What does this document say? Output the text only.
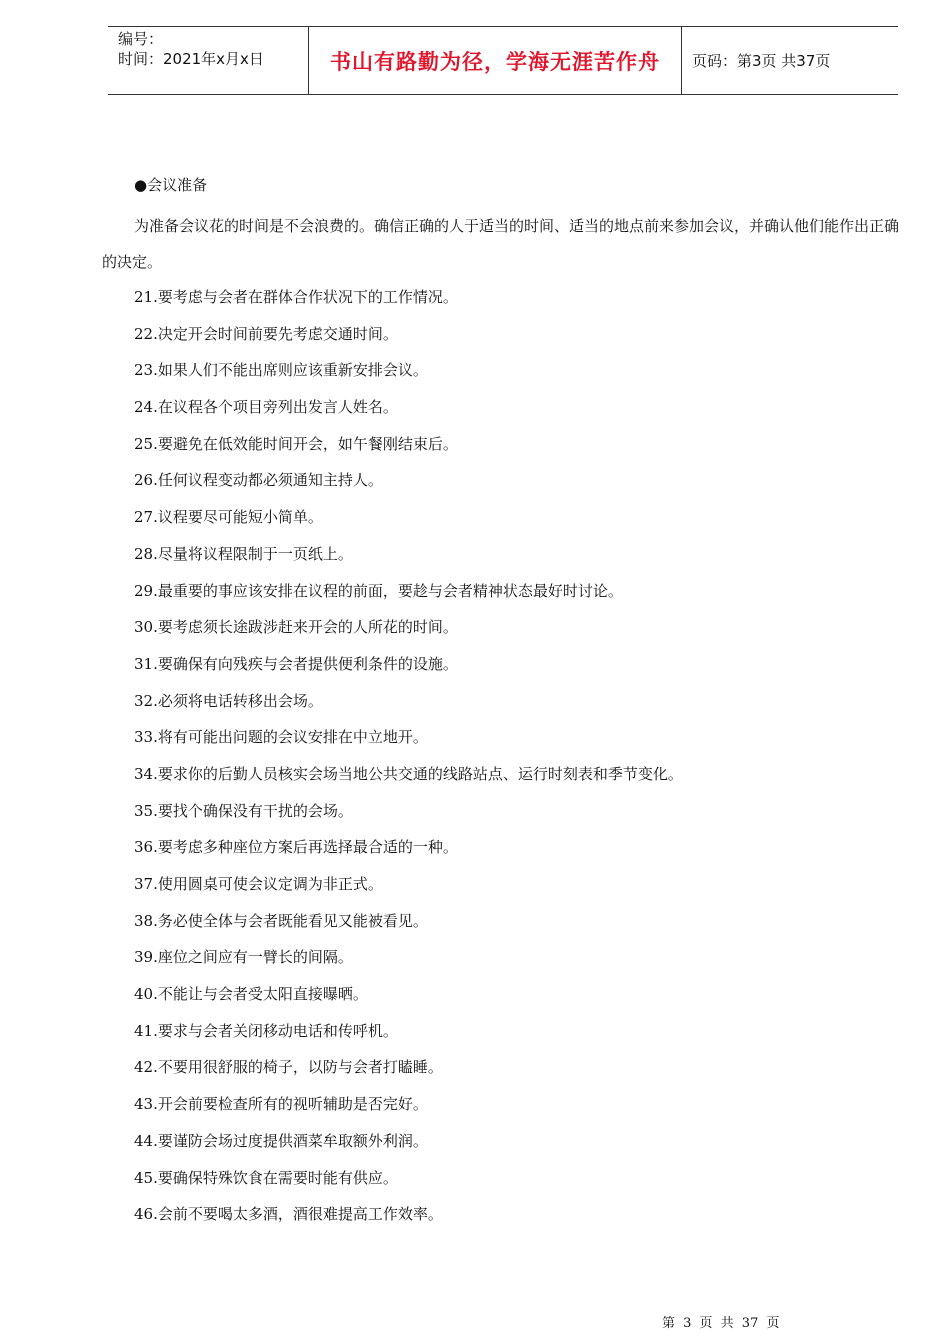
编号：
时间：2021年x月x日	书山有路勤为径，学海无涯苦作舟 页码：第3页 共37页
●会议准备
为准备会议花的时间是不会浪费的。确信正确的人于适当的时间、适当的地点前来参加会议，并确认他们能作出正确的决定。
21.要考虑与会者在群体合作状况下的工作情况。
22.决定开会时间前要先考虑交通时间。
23.如果人们不能出席则应该重新安排会议。
24.在议程各个项目旁列出发言人姓名。
25.要避免在低效能时间开会，如午餐刚结束后。
26.任何议程变动都必须通知主持人。
27.议程要尽可能短小简单。
28.尽量将议程限制于一页纸上。
29.最重要的事应该安排在议程的前面，要趁与会者精神状态最好时讨论。
30.要考虑须长途跋涉赶来开会的人所花的时间。
31.要确保有向残疾与会者提供便利条件的设施。
32.必须将电话转移出会场。
33.将有可能出问题的会议安排在中立地开。
34.要求你的后勤人员核实会场当地公共交通的线路站点、运行时刻表和季节变化。
35.要找个确保没有干扰的会场。
36.要考虑多种座位方案后再选择最合适的一种。
37.使用圆桌可使会议定调为非正式。
38.务必使全体与会者既能看见又能被看见。
39.座位之间应有一臂长的间隔。
40.不能让与会者受太阳直接曝晒。
41.要求与会者关闭移动电话和传呼机。
42.不要用很舒服的椅子，以防与会者打瞌睡。
43.开会前要检查所有的视听辅助是否完好。
44.要谨防会场过度提供酒菜牟取额外利润。
45.要确保特殊饮食在需要时能有供应。
46.会前不要喝太多酒，酒很难提高工作效率。
第 3 页 共 37 页
